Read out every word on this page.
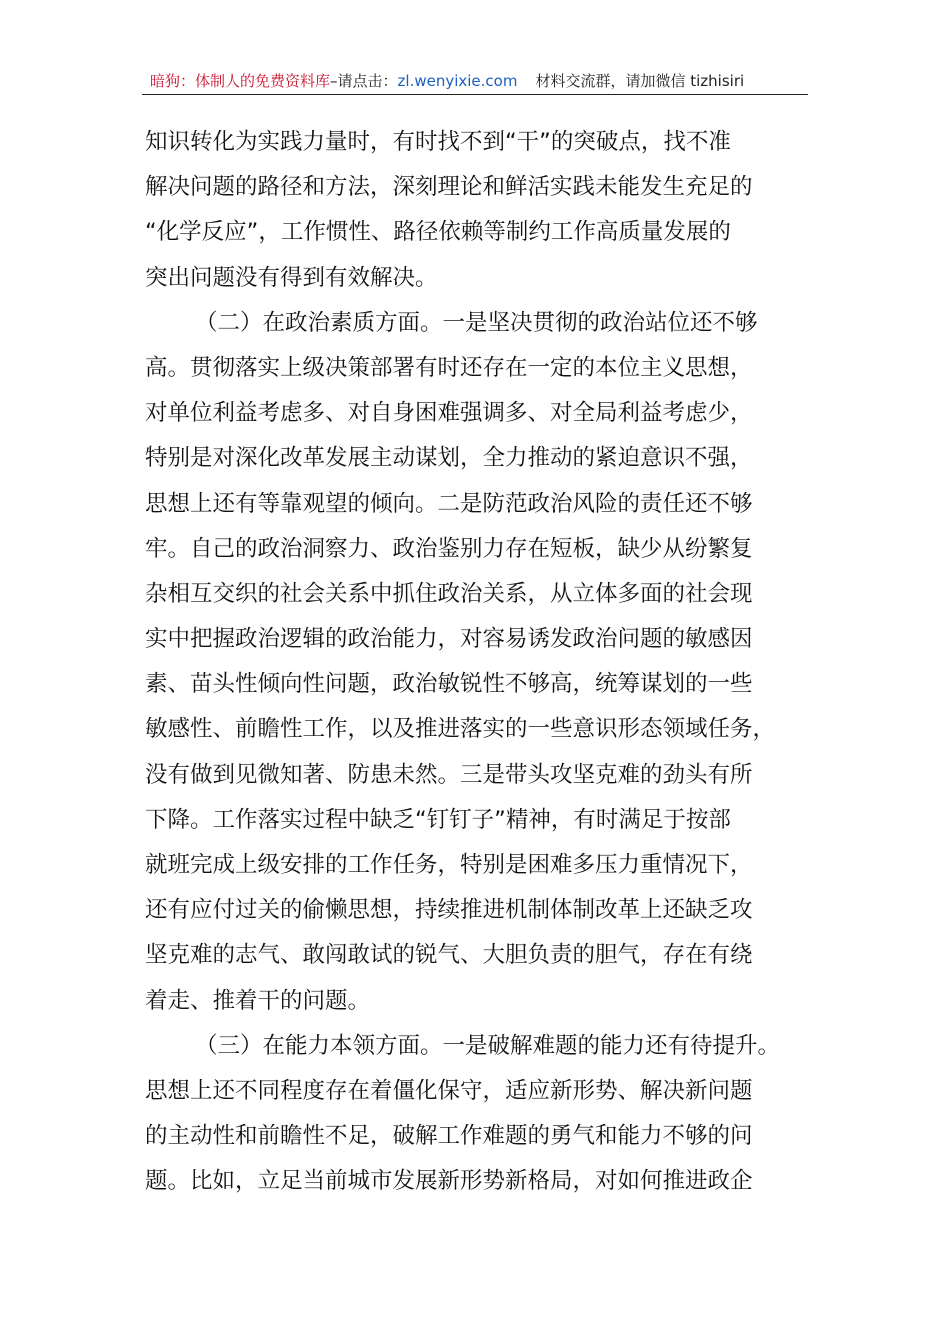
暗狗：体制人的免费资料库–请点击：zl.wenyixie.com 材料交流群，请加微信 tizhisiri
知识转化为实践力量时，有时找不到“干”的突破点，找不准
解决问题的路径和方法，深刻理论和鲜活实践未能发生充足的
“化学反应”，工作惯性、路径依赖等制约工作高质量发展的
突出问题没有得到有效解决。
（二）在政治素质方面。一是坚决贯彻的政治站位还不够
高。贯彻落实上级决策部署有时还存在一定的本位主义思想，
对单位利益考虑多、对自身困难强调多、对全局利益考虑少，
特别是对深化改革发展主动谋划，全力推动的紧迫意识不强，
思想上还有等靠观望的倾向。二是防范政治风险的责任还不够
牢。自己的政治洞察力、政治鉴别力存在短板，缺少从纷繁复
杂相互交织的社会关系中抓住政治关系，从立体多面的社会现
实中把握政治逻辑的政治能力，对容易诱发政治问题的敏感因
素、苗头性倾向性问题，政治敏锐性不够高，统筹谋划的一些
敏感性、前瞻性工作，以及推进落实的一些意识形态领域任务，
没有做到见微知著、防患未然。三是带头攻坚克难的劲头有所
下降。工作落实过程中缺乏“钉钉子”精神，有时满足于按部
就班完成上级安排的工作任务，特别是困难多压力重情况下，
还有应付过关的偷懒思想，持续推进机制体制改革上还缺乏攻
坚克难的志气、敢闯敢试的锐气、大胆负责的胆气，存在有绕
着走、推着干的问题。
（三）在能力本领方面。一是破解难题的能力还有待提升。
思想上还不同程度存在着僵化保守，适应新形势、解决新问题
的主动性和前瞻性不足，破解工作难题的勇气和能力不够的问
题。比如，立足当前城市发展新形势新格局，对如何推进政企
